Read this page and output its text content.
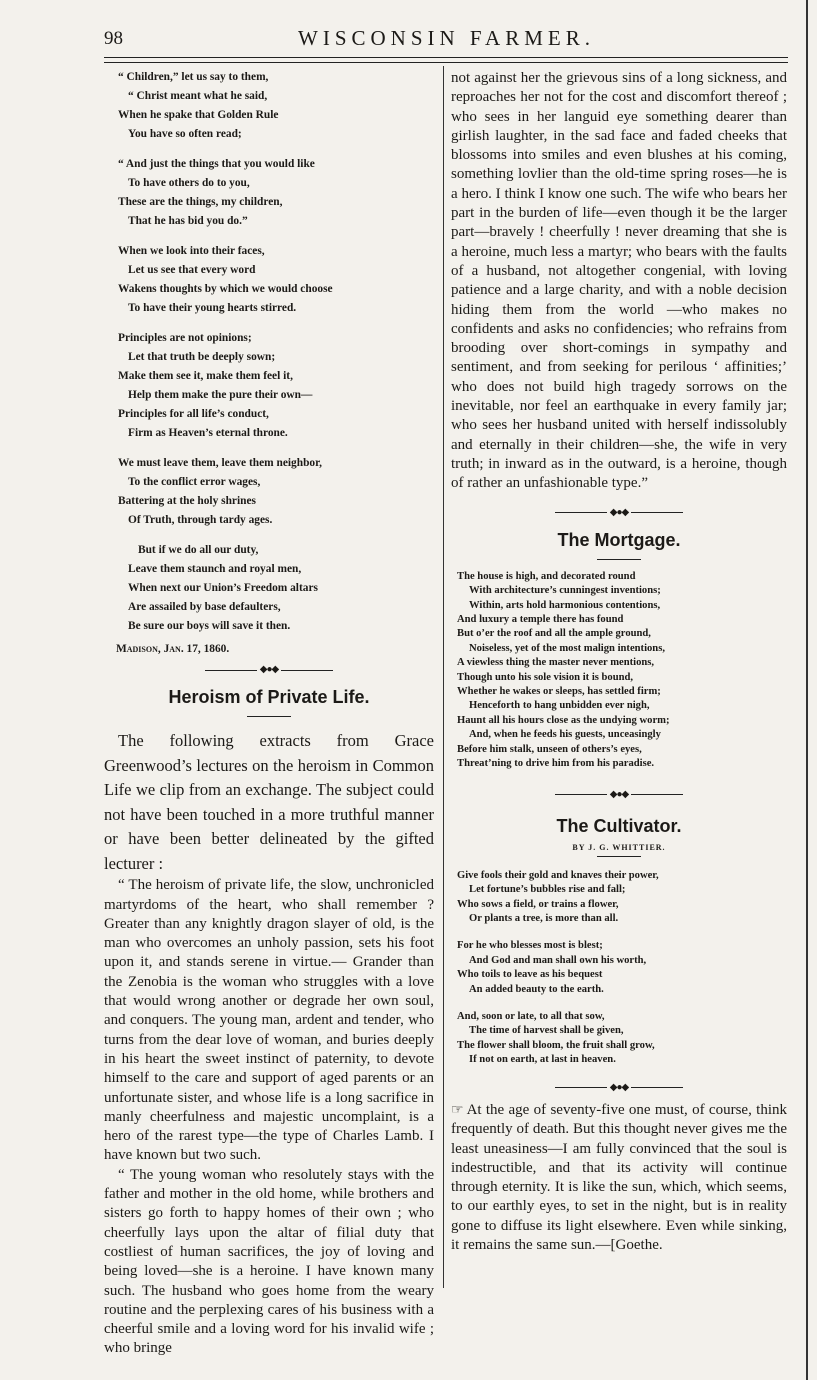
98	WISCONSIN FARMER.
“ Children,” let us say to them,
“ Christ meant what he said,
When he spake that Golden Rule
You have so often read;
“ And just the things that you would like
To have others do to you,
These are the things, my children,
That he has bid you do.”
When we look into their faces,
Let us see that every word
Wakens thoughts by which we would choose
To have their young hearts stirred.
Principles are not opinions;
Let that truth be deeply sown;
Make them see it, make them feel it,
Help them make the pure their own—
Principles for all life’s conduct,
Firm as Heaven’s eternal throne.
We must leave them, leave them neighbor,
To the conflict error wages,
Battering at the holy shrines
Of Truth, through tardy ages.
But if we do all our duty,
Leave them staunch and royal men,
When next our Union’s Freedom altars
Are assailed by base defaulters,
Be sure our boys will save it then.
Madison, Jan. 17, 1860.
◆●◆
Heroism of Private Life.

The following extracts from Grace Greenwood’s lectures on the heroism in Common Life we clip from an exchange. The subject could not have been touched in a more truthful manner or have been better delineated by the gifted lecturer :

“ The heroism of private life, the slow, unchronicled martyrdoms of the heart, who shall remember ? Greater than any knightly dragon slayer of old, is the man who overcomes an unholy passion, sets his foot upon it, and stands serene in virtue.— Grander than the Zenobia is the woman who struggles with a love that would wrong another or degrade her own soul, and conquers. The young man, ardent and tender, who turns from the dear love of woman, and buries deeply in his heart the sweet instinct of paternity, to devote himself to the care and support of aged parents or an unfortunate sister, and whose life is a long sacrifice in manly cheerfulness and majestic uncomplaint, is a hero of the rarest type—the type of Charles Lamb. I have known but two such.

“ The young woman who resolutely stays with the father and mother in the old home, while brothers and sisters go forth to happy homes of their own ; who cheerfully lays upon the altar of filial duty that costliest of human sacrifices, the joy of loving and being loved—she is a heroine. I have known many such. The husband who goes home from the weary routine and the perplexing cares of his business with a cheerful smile and a loving word for his invalid wife ; who bringe

not against her the grievous sins of a long sickness, and reproaches her not for the cost and discomfort thereof ; who sees in her languid eye something dearer than girlish laughter, in the sad face and faded cheeks that blossoms into smiles and even blushes at his coming, something lovlier than the old-time spring roses—he is a hero. I think I know one such. The wife who bears her part in the burden of life—even though it be the larger part—bravely ! cheerfully ! never dreaming that she is a heroine, much less a martyr; who bears with the faults of a husband, not altogether congenial, with loving patience and a large charity, and with a noble decision hiding them from the world —who makes no confidents and asks no confidencies; who refrains from brooding over short-comings in sympathy and sentiment, and from seeking for perilous ‘ affinities;’ who does not build high tragedy sorrows on the inevitable, nor feel an earthquake in every family jar; who sees her husband united with herself indissolubly and eternally in their children—she, the wife in very truth; in inward as in the outward, is a heroine, though of rather an unfashionable type.”

◆●◆
The Mortgage.
The house is high, and decorated round
With architecture’s cunningest inventions;
Within, arts hold harmonious contentions,
And luxury a temple there has found
But o’er the roof and all the ample ground,
Noiseless, yet of the most malign intentions,
A viewless thing the master never mentions,
Though unto his sole vision it is bound,
Whether he wakes or sleeps, has settled firm;
Henceforth to hang unbidden ever nigh,
Haunt all his hours close as the undying worm;
And, when he feeds his guests, unceasingly
Before him stalk, unseen of others’s eyes,
Threat’ning to drive him from his paradise.
◆●◆
The Cultivator.
BY J. G. WHITTIER.
Give fools their gold and knaves their power,
Let fortune’s bubbles rise and fall;
Who sows a field, or trains a flower,
Or plants a tree, is more than all.
For he who blesses most is blest;
And God and man shall own his worth,
Who toils to leave as his bequest
An added beauty to the earth.
And, soon or late, to all that sow,
The time of harvest shall be given,
The flower shall bloom, the fruit shall grow,
If not on earth, at last in heaven.
◆●◆

☞ At the age of seventy-five one must, of course, think frequently of death. But this thought never gives me the least uneasiness—I am fully convinced that the soul is indestructible, and that its activity will continue through eternity. It is like the sun, which, which seems, to our earthly eyes, to set in the night, but is in reality gone to diffuse its light elsewhere. Even while sinking, it remains the same sun.—[Goethe.
